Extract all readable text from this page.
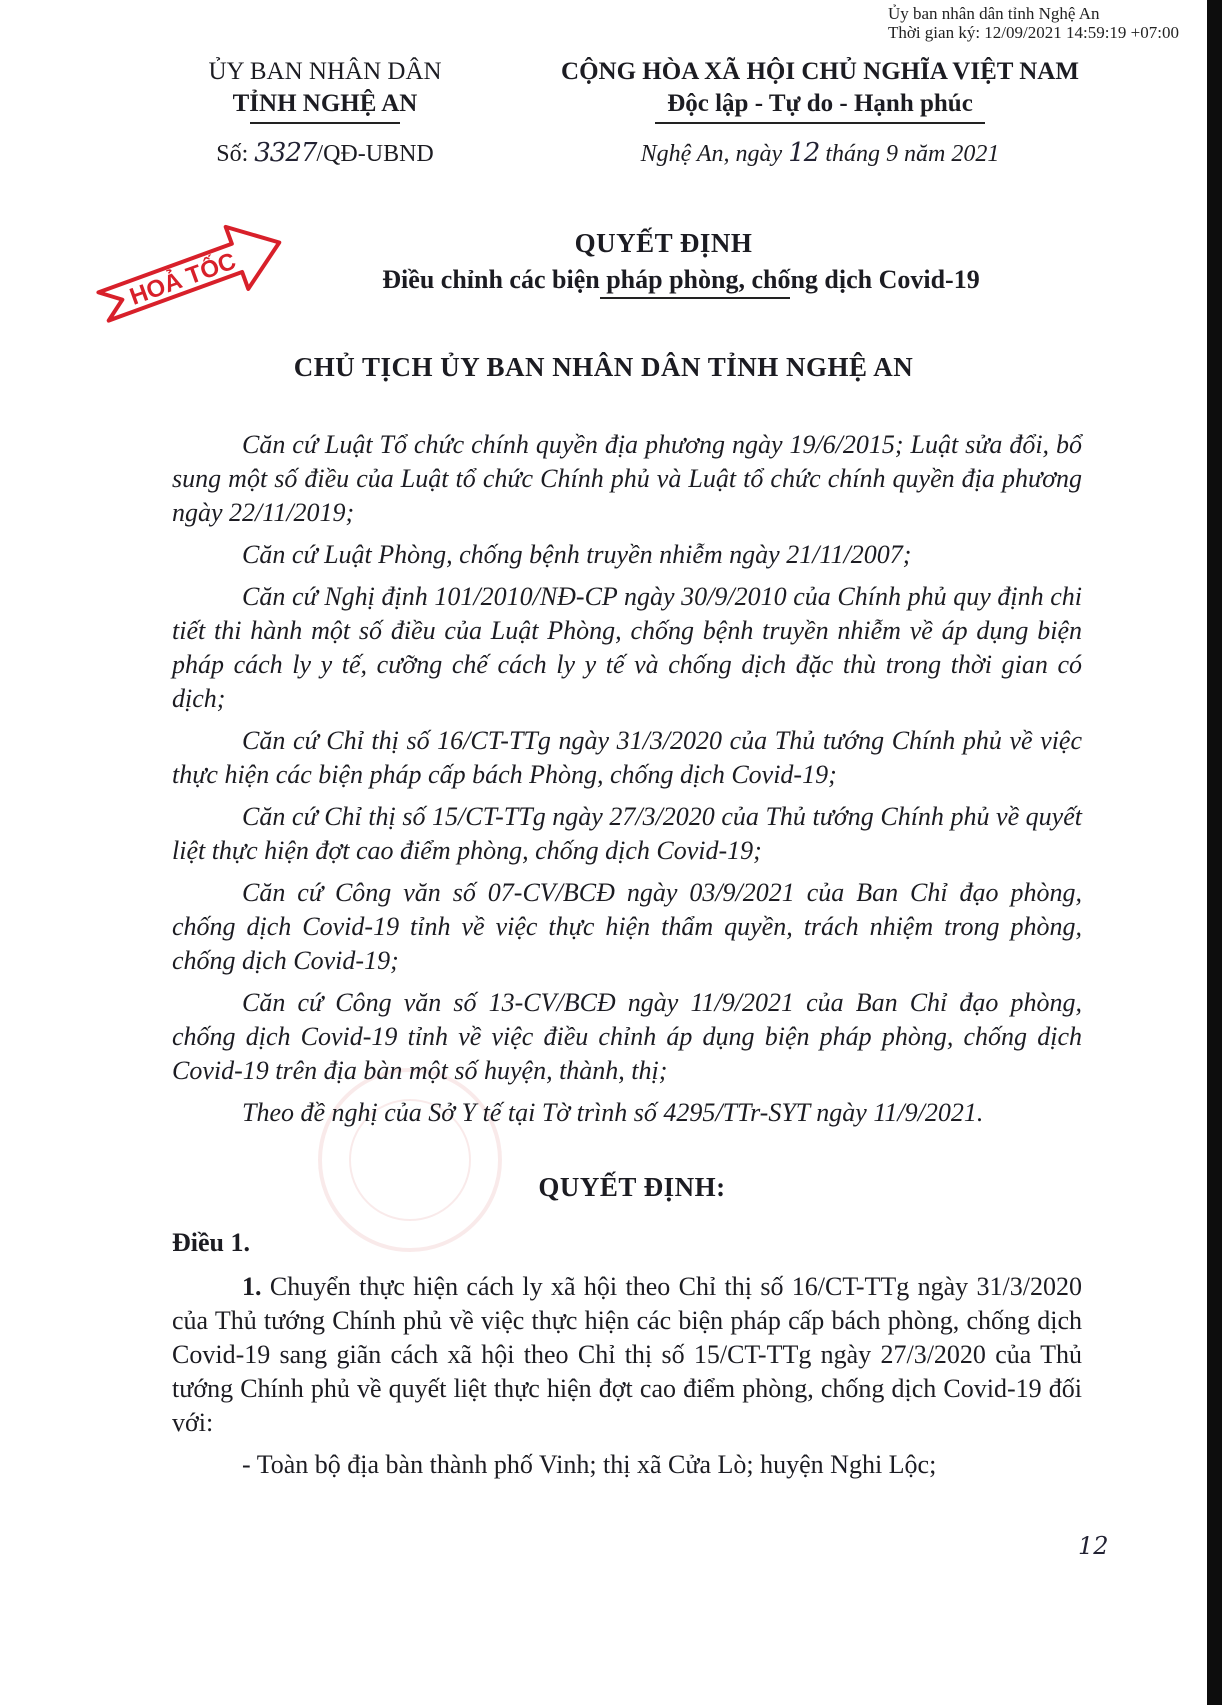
Ủy ban nhân dân tỉnh Nghệ An
Thời gian ký: 12/09/2021 14:59:19 +07:00
ỦY BAN NHÂN DÂN
TỈNH NGHỆ AN
Số: 3327/QĐ-UBND
CỘNG HÒA XÃ HỘI CHỦ NGHĨA VIỆT NAM
Độc lập - Tự do - Hạnh phúc
Nghệ An, ngày 12 tháng 9 năm 2021
HOẢ TỐC
QUYẾT ĐỊNH
Điều chỉnh các biện pháp phòng, chống dịch Covid-19
CHỦ TỊCH ỦY BAN NHÂN DÂN TỈNH NGHỆ AN
Căn cứ Luật Tổ chức chính quyền địa phương ngày 19/6/2015; Luật sửa đổi, bổ sung một số điều của Luật tổ chức Chính phủ và Luật tổ chức chính quyền địa phương ngày 22/11/2019;
Căn cứ Luật Phòng, chống bệnh truyền nhiễm ngày 21/11/2007;
Căn cứ Nghị định 101/2010/NĐ-CP ngày 30/9/2010 của Chính phủ quy định chi tiết thi hành một số điều của Luật Phòng, chống bệnh truyền nhiễm về áp dụng biện pháp cách ly y tế, cưỡng chế cách ly y tế và chống dịch đặc thù trong thời gian có dịch;
Căn cứ Chỉ thị số 16/CT-TTg ngày 31/3/2020 của Thủ tướng Chính phủ về việc thực hiện các biện pháp cấp bách Phòng, chống dịch Covid-19;
Căn cứ Chỉ thị số 15/CT-TTg ngày 27/3/2020 của Thủ tướng Chính phủ về quyết liệt thực hiện đợt cao điểm phòng, chống dịch Covid-19;
Căn cứ Công văn số 07-CV/BCĐ ngày 03/9/2021 của Ban Chỉ đạo phòng, chống dịch Covid-19 tỉnh về việc thực hiện thẩm quyền, trách nhiệm trong phòng, chống dịch Covid-19;
Căn cứ Công văn số 13-CV/BCĐ ngày 11/9/2021 của Ban Chỉ đạo phòng, chống dịch Covid-19 tỉnh về việc điều chỉnh áp dụng biện pháp phòng, chống dịch Covid-19 trên địa bàn một số huyện, thành, thị;
Theo đề nghị của Sở Y tế tại Tờ trình số 4295/TTr-SYT ngày 11/9/2021.
QUYẾT ĐỊNH:
Điều 1.
1. Chuyển thực hiện cách ly xã hội theo Chỉ thị số 16/CT-TTg ngày 31/3/2020 của Thủ tướng Chính phủ về việc thực hiện các biện pháp cấp bách phòng, chống dịch Covid-19 sang giãn cách xã hội theo Chỉ thị số 15/CT-TTg ngày 27/3/2020 của Thủ tướng Chính phủ về quyết liệt thực hiện đợt cao điểm phòng, chống dịch Covid-19 đối với:
- Toàn bộ địa bàn thành phố Vinh; thị xã Cửa Lò; huyện Nghi Lộc;
12
